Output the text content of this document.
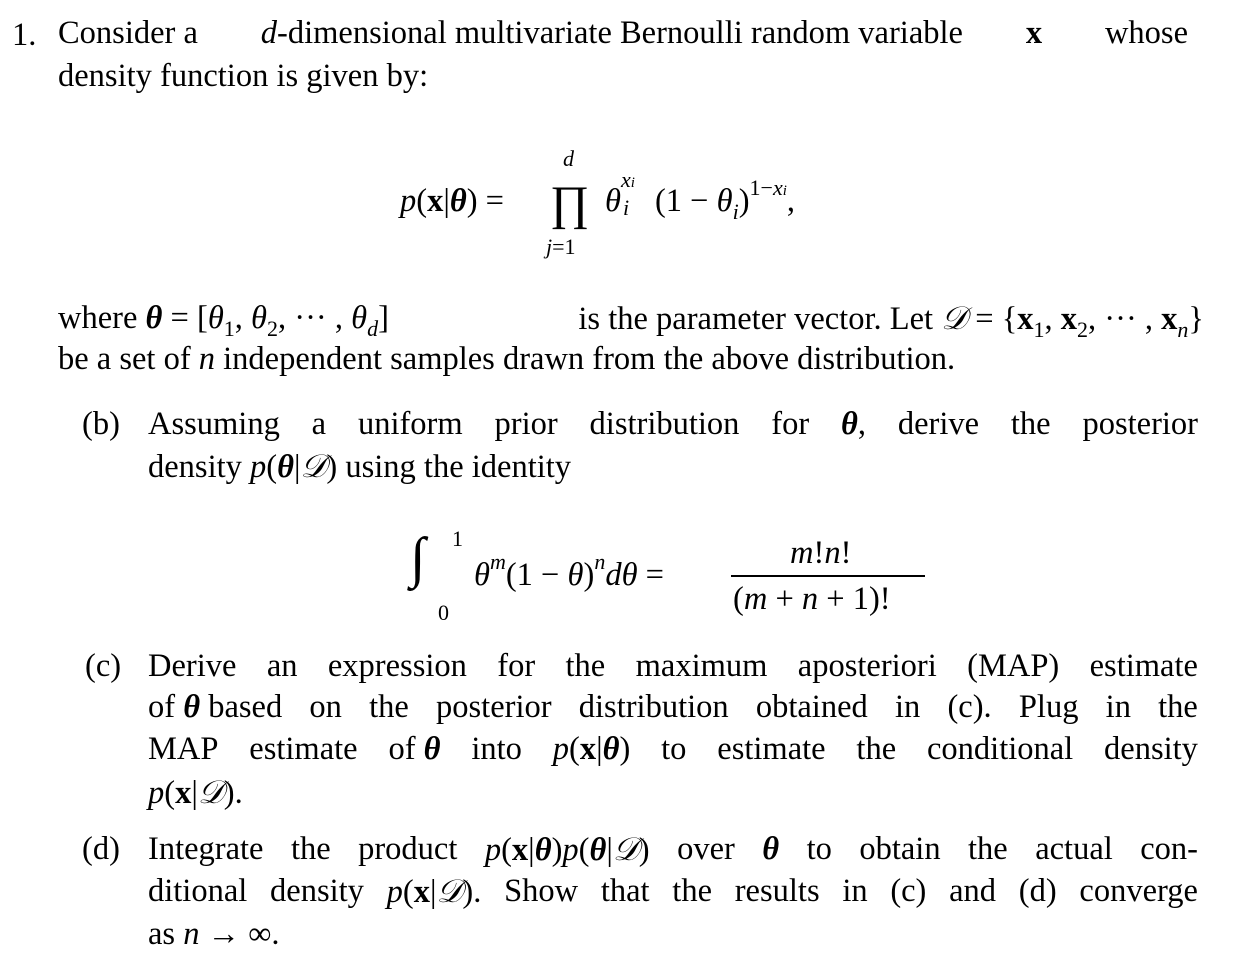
1. Consider a d-dimensional multivariate Bernoulli random variable x whose
density function is given by:
p(x|θ) =
d
∏
j=1
θ
xi
i $(1 - \theta_i)^{1-xi}$,
where $\theta = [\theta_1$, $\theta_2$, ··· , $\theta_d$]	is the parameter vector. Let 𝒟 = {$x_1$, $x_2$, ··· , $x_n$}
be a set of n independent samples drawn from the above distribution.
(b) Assuming a uniform prior distribution for θ, derive the posterior
density p(θ|𝒟) using the identity
∫ 1
0
$\theta^m(1 - \theta)^nd\theta$ =
m!n!
(m + n + 1)!
(c) Derive an expression for the maximum aposteriori (MAP) estimate
of θ based on the posterior distribution obtained in (c). Plug in the
MAP estimate of θ into p(x|θ) to estimate the conditional density
p(x|𝒟).
(d) Integrate the product p(x|θ)p(θ|𝒟) over θ to obtain the actual con-
ditional density p(x|𝒟). Show that the results in (c) and (d) converge
as n → ∞.
